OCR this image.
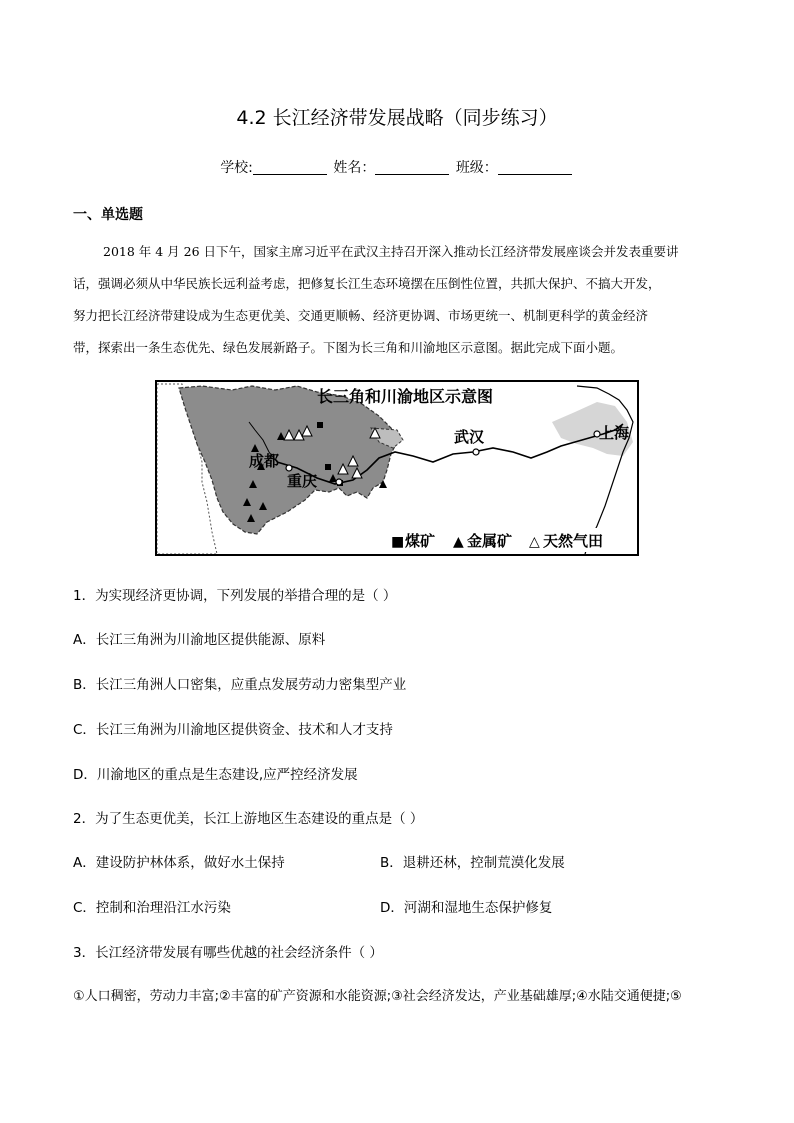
4.2 长江经济带发展战略（同步练习）
学校:	姓名：	班级：
一、单选题

2018 年 4 月 26 日下午，国家主席习近平在武汉主持召开深入推动长江经济带发展座谈会并发表重要讲

话，强调必须从中华民族长远利益考虑，把修复长江生态环境摆在压倒性位置，共抓大保护、不搞大开发，

努力把长江经济带建设成为生态更优美、交通更顺畅、经济更协调、市场更统一、机制更科学的黄金经济

带，探索出一条生态优先、绿色发展新路子。下图为长三角和川渝地区示意图。据此完成下面小题。

长三角和川渝地区示意图
成都
重庆
武汉	上海
■ 煤矿 ▲ 金属矿 △ 天然气田
1．为实现经济更协调，下列发展的举措合理的是（ ）
A．长江三角洲为川渝地区提供能源、原料
B．长江三角洲人口密集，应重点发展劳动力密集型产业
C．长江三角洲为川渝地区提供资金、技术和人才支持
D．川渝地区的重点是生态建设,应严控经济发展
2．为了生态更优美，长江上游地区生态建设的重点是（ ）
A．建设防护林体系，做好水土保持	B．退耕还林，控制荒漠化发展
C．控制和治理沿江水污染	D．河湖和湿地生态保护修复
3．长江经济带发展有哪些优越的社会经济条件（ ）
①人口稠密，劳动力丰富;②丰富的矿产资源和水能资源;③社会经济发达，产业基础雄厚;④水陆交通便捷;⑤
